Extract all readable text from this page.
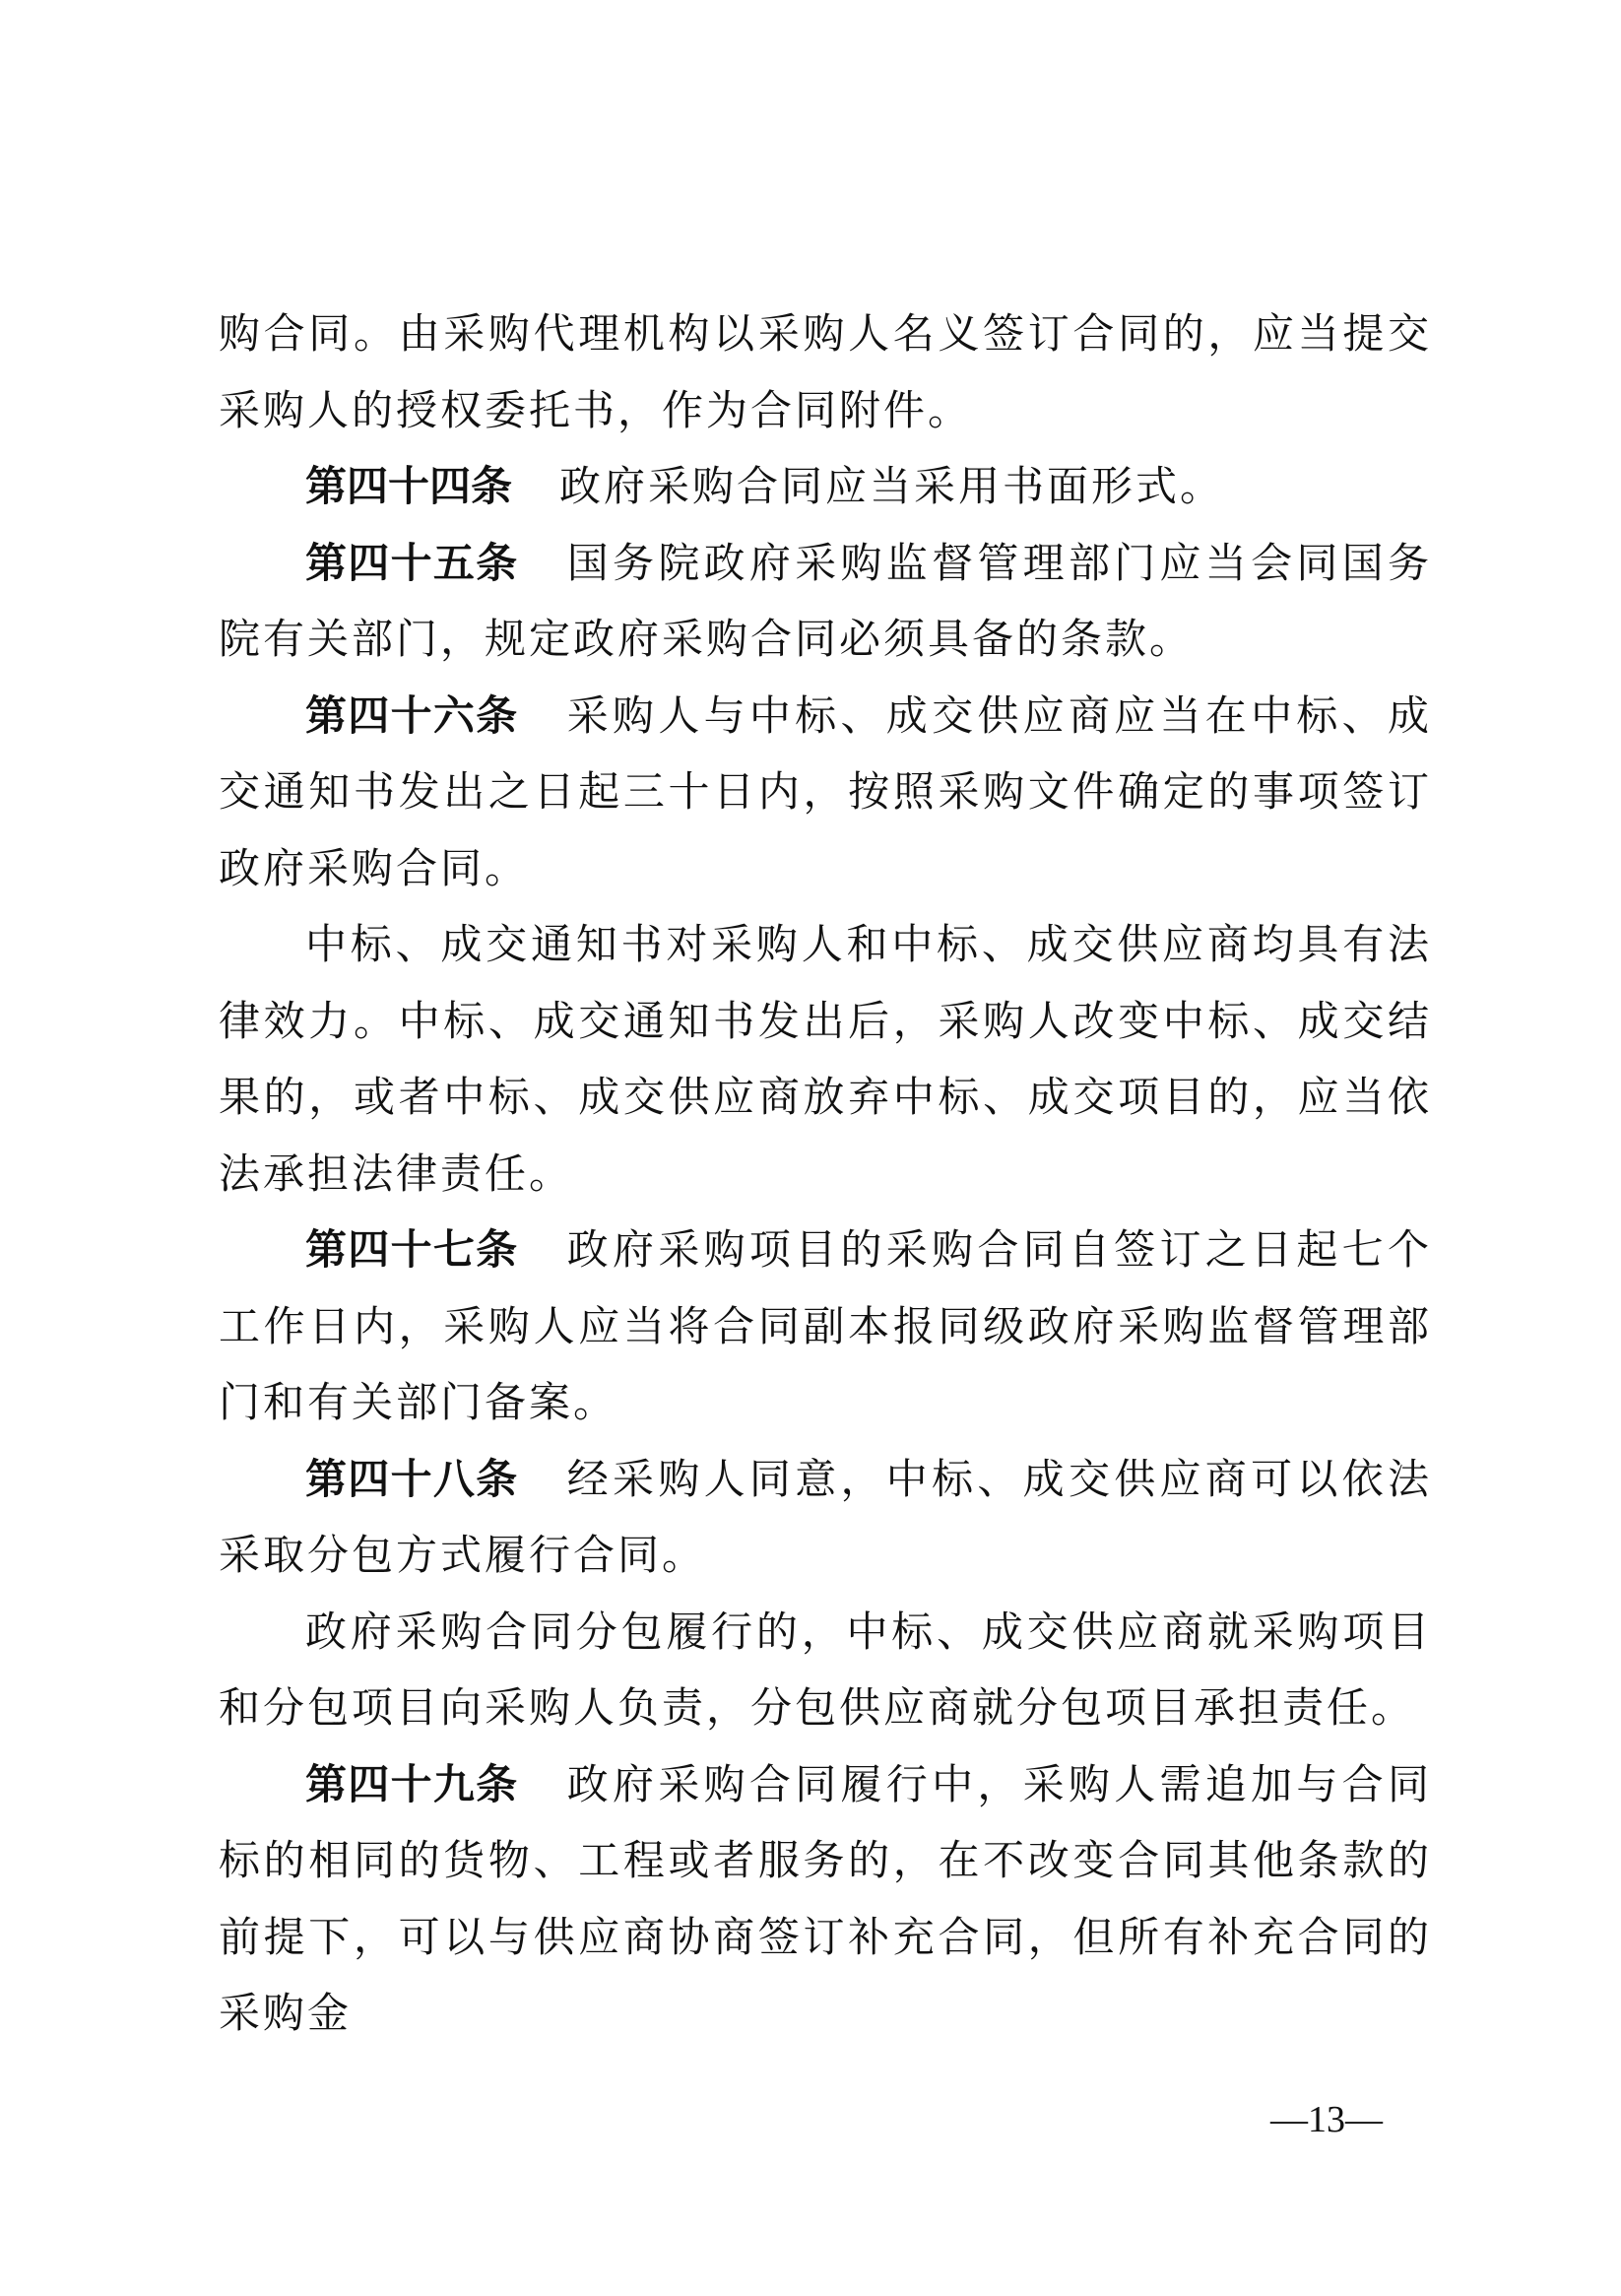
购合同。由采购代理机构以采购人名义签订合同的，应当提交采购人的授权委托书，作为合同附件。

第四十四条 政府采购合同应当采用书面形式。

第四十五条 国务院政府采购监督管理部门应当会同国务院有关部门，规定政府采购合同必须具备的条款。

第四十六条 采购人与中标、成交供应商应当在中标、成交通知书发出之日起三十日内，按照采购文件确定的事项签订政府采购合同。

中标、成交通知书对采购人和中标、成交供应商均具有法律效力。中标、成交通知书发出后，采购人改变中标、成交结果的，或者中标、成交供应商放弃中标、成交项目的，应当依法承担法律责任。

第四十七条 政府采购项目的采购合同自签订之日起七个工作日内，采购人应当将合同副本报同级政府采购监督管理部门和有关部门备案。

第四十八条 经采购人同意，中标、成交供应商可以依法采取分包方式履行合同。

政府采购合同分包履行的，中标、成交供应商就采购项目和分包项目向采购人负责，分包供应商就分包项目承担责任。

第四十九条 政府采购合同履行中，采购人需追加与合同标的相同的货物、工程或者服务的，在不改变合同其他条款的前提下，可以与供应商协商签订补充合同，但所有补充合同的采购金

—13—
